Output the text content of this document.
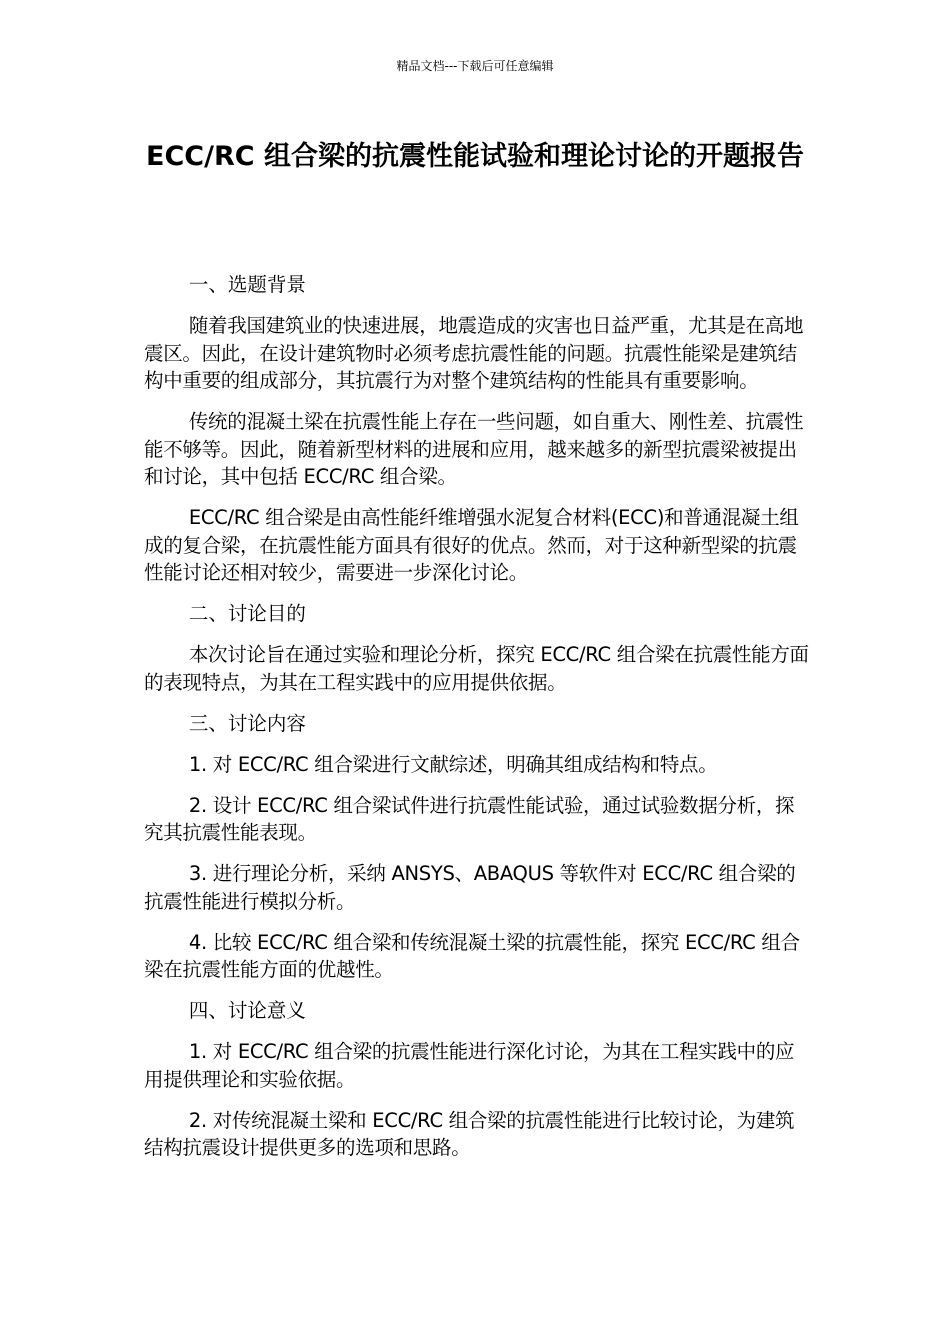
精品文档---下载后可任意编辑
ECC/RC 组合梁的抗震性能试验和理论讨论的开题报告

一、选题背景

随着我国建筑业的快速进展，地震造成的灾害也日益严重，尤其是在高地震区。因此，在设计建筑物时必须考虑抗震性能的问题。抗震性能梁是建筑结构中重要的组成部分，其抗震行为对整个建筑结构的性能具有重要影响。

传统的混凝土梁在抗震性能上存在一些问题，如自重大、刚性差、抗震性能不够等。因此，随着新型材料的进展和应用，越来越多的新型抗震梁被提出和讨论，其中包括 ECC/RC 组合梁。

ECC/RC 组合梁是由高性能纤维增强水泥复合材料(ECC)和普通混凝土组成的复合梁，在抗震性能方面具有很好的优点。然而，对于这种新型梁的抗震性能讨论还相对较少，需要进一步深化讨论。

二、讨论目的

本次讨论旨在通过实验和理论分析，探究 ECC/RC 组合梁在抗震性能方面的表现特点，为其在工程实践中的应用提供依据。

三、讨论内容

1. 对 ECC/RC 组合梁进行文献综述，明确其组成结构和特点。

2. 设计 ECC/RC 组合梁试件进行抗震性能试验，通过试验数据分析，探究其抗震性能表现。

3. 进行理论分析，采纳 ANSYS、ABAQUS 等软件对 ECC/RC 组合梁的抗震性能进行模拟分析。

4. 比较 ECC/RC 组合梁和传统混凝土梁的抗震性能，探究 ECC/RC 组合梁在抗震性能方面的优越性。

四、讨论意义

1. 对 ECC/RC 组合梁的抗震性能进行深化讨论，为其在工程实践中的应用提供理论和实验依据。

2. 对传统混凝土梁和 ECC/RC 组合梁的抗震性能进行比较讨论，为建筑结构抗震设计提供更多的选项和思路。
